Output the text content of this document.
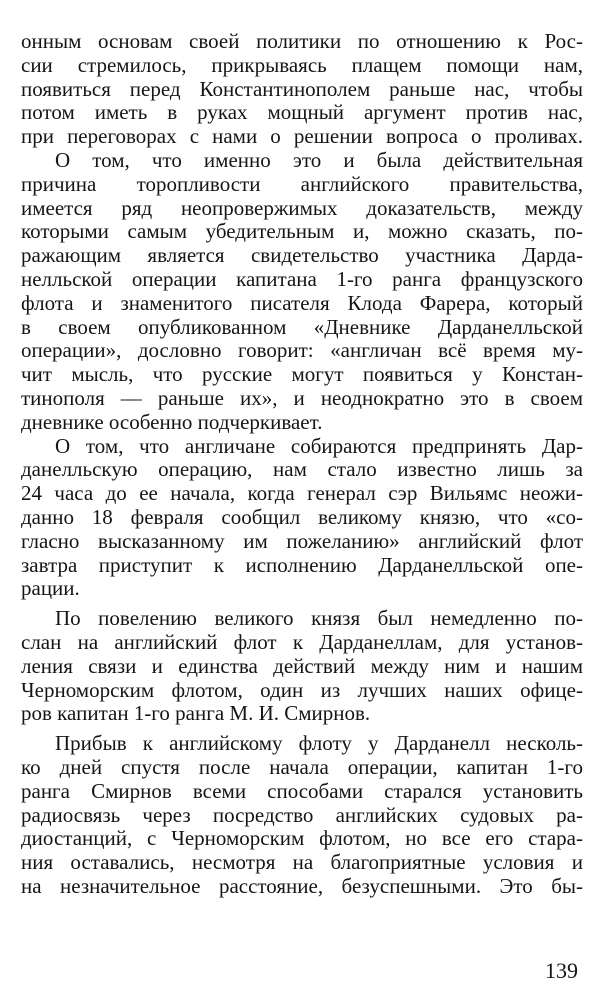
онным основам своей политики по отношению к Рос-
сии стремилось, прикрываясь плащем помощи нам,
появиться перед Константинополем раньше нас, чтобы
потом иметь в руках мощный аргумент против нас,
при переговорах с нами о решении вопроса о проливах.
О том, что именно это и была действительная
причина торопливости английского правительства,
имеется ряд неопровержимых доказательств, между
которыми самым убедительным и, можно сказать, по-
ражающим является свидетельство участника Дарда-
нелльской операции капитана 1-го ранга французского
флота и знаменитого писателя Клода Фарера, который
в своем опубликованном «Дневнике Дарданелльской
операции», дословно говорит: «англичан всё время му-
чит мысль, что русские могут появиться у Констан-
тинополя — раньше их», и неоднократно это в своем
дневнике особенно подчеркивает.
О том, что англичане собираются предпринять Дар-
данелльскую операцию, нам стало известно лишь за
24 часа до ее начала, когда генерал сэр Вильямс неожи-
данно 18 февраля сообщил великому князю, что «со-
гласно высказанному им пожеланию» английский флот
завтра приступит к исполнению Дарданелльской опе-
рации.
По повелению великого князя был немедленно по-
слан на английский флот к Дарданеллам, для установ-
ления связи и единства действий между ним и нашим
Черноморским флотом, один из лучших наших офице-
ров капитан 1-го ранга М. И. Смирнов.
Прибыв к английскому флоту у Дарданелл несколь-
ко дней спустя после начала операции, капитан 1-го
ранга Смирнов всеми способами старался установить
радиосвязь через посредство английских судовых ра-
диостанций, с Черноморским флотом, но все его стара-
ния оставались, несмотря на благоприятные условия и
на незначительное расстояние, безуспешными. Это бы-
139
